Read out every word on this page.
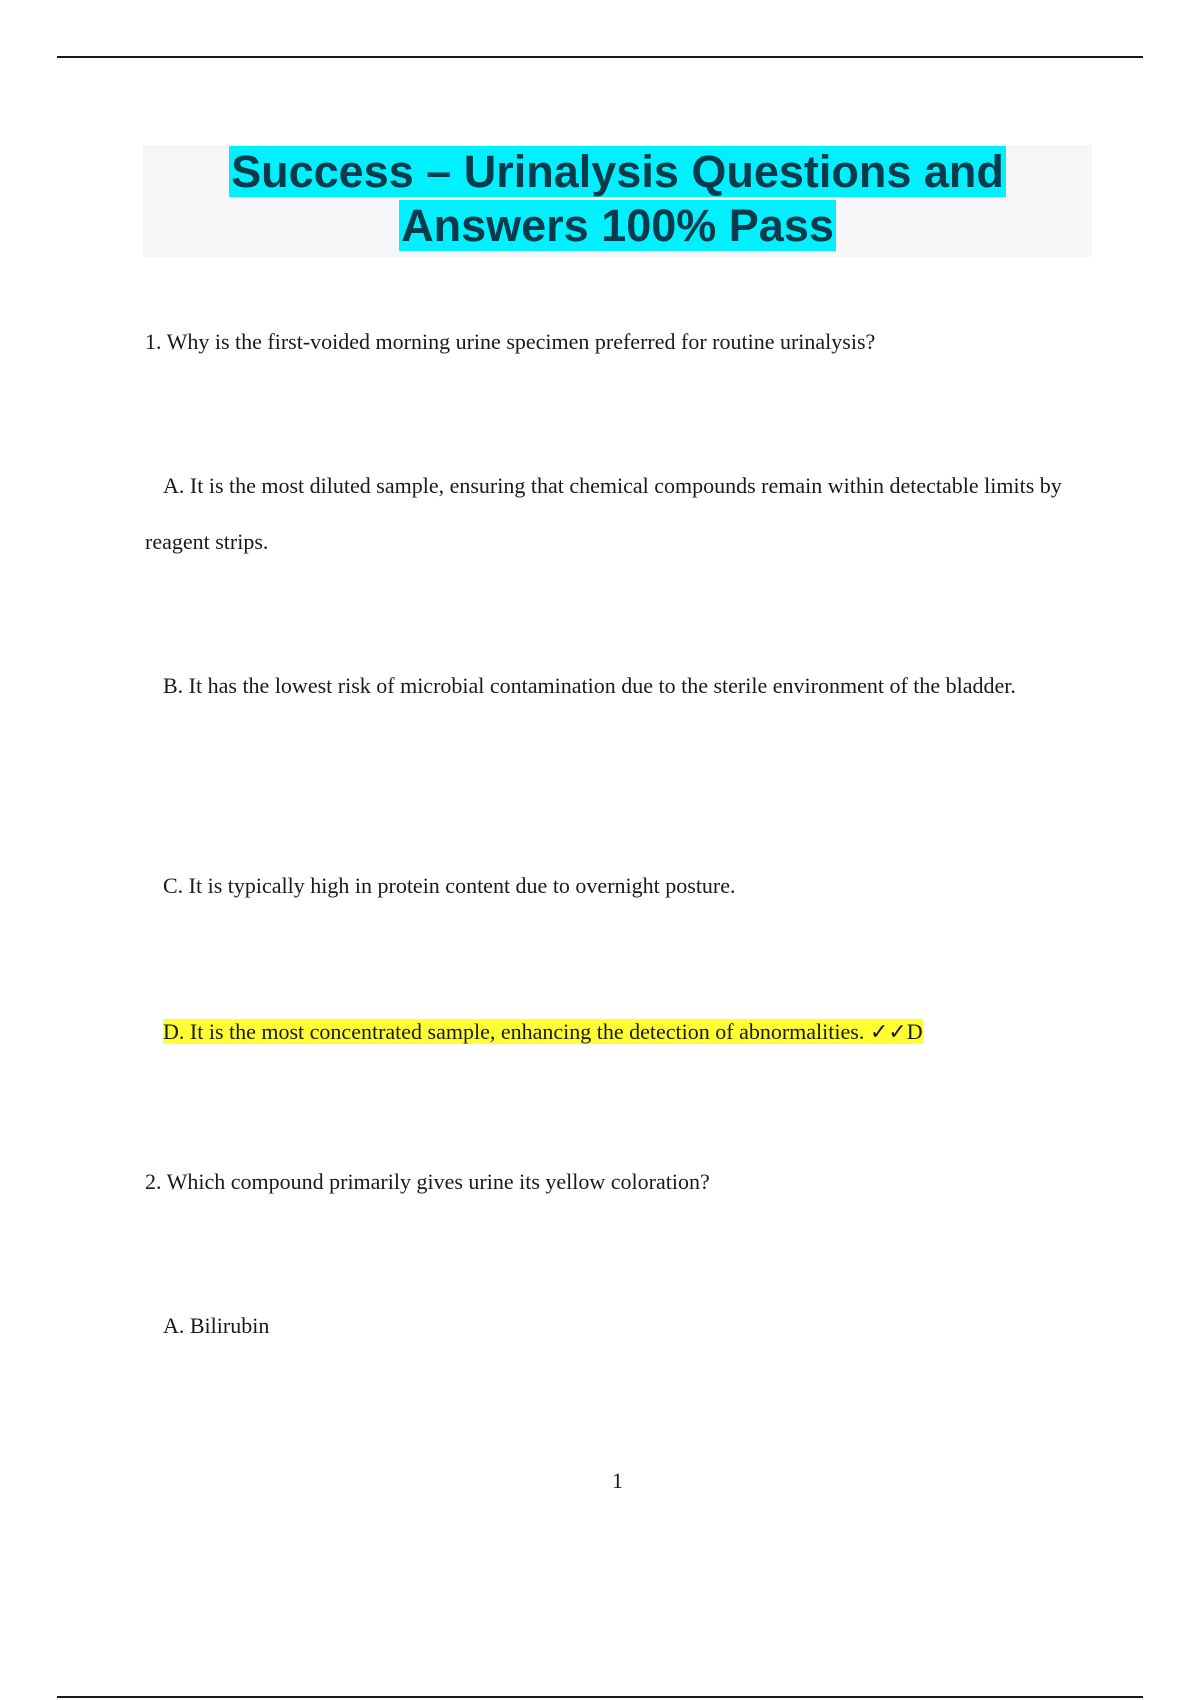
Success – Urinalysis Questions and
Answers 100% Pass
1. Why is the first-voided morning urine specimen preferred for routine urinalysis?
A. It is the most diluted sample, ensuring that chemical compounds remain within detectable limits by reagent strips.
B. It has the lowest risk of microbial contamination due to the sterile environment of the bladder.
C. It is typically high in protein content due to overnight posture.
D. It is the most concentrated sample, enhancing the detection of abnormalities. ✓✓D
2. Which compound primarily gives urine its yellow coloration?
A. Bilirubin
1
